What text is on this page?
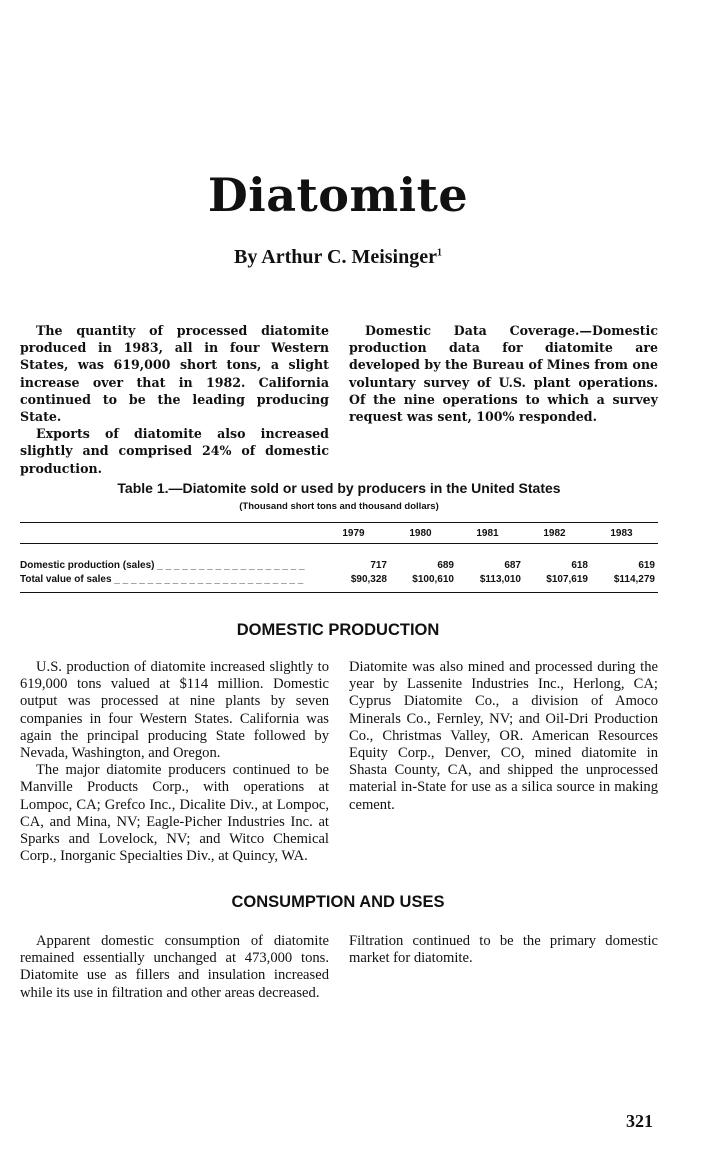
Diatomite
By Arthur C. Meisinger$^1$

The quantity of processed diatomite produced in 1983, all in four Western States, was 619,000 short tons, a slight increase over that in 1982. California continued to be the leading producing State.

Exports of diatomite also increased slightly and comprised 24% of domestic production.

Domestic Data Coverage.—Domestic production data for diatomite are developed by the Bureau of Mines from one voluntary survey of U.S. plant operations. Of the nine operations to which a survey request was sent, 100% responded.

Table 1.—Diatomite sold or used by producers in the United States
(Thousand short tons and thousand dollars)
1979	1980	1981	1982	1983
Domestic production (sales) _ _ _ _ _ _ _ _ _ _ _ _ _ _ _ _ _ _	717	689	687	618	619
Total value of sales _ _ _ _ _ _ _ _ _ _ _ _ _ _ _ _ _ _ _ _ _ _ _	$90,328	$100,610	$113,010	$107,619	$114,279
DOMESTIC PRODUCTION

U.S. production of diatomite increased slightly to 619,000 tons valued at $114 million. Domestic output was processed at nine plants by seven companies in four Western States. California was again the principal producing State followed by Nevada, Washington, and Oregon.

The major diatomite producers continued to be Manville Products Corp., with operations at Lompoc, CA; Grefco Inc., Dicalite Div., at Lompoc, CA, and Mina, NV; Eagle-Picher Industries Inc. at Sparks and Lovelock, NV; and Witco Chemical Corp., Inorganic Specialties Div., at Quincy, WA.

Diatomite was also mined and processed during the year by Lassenite Industries Inc., Herlong, CA; Cyprus Diatomite Co., a division of Amoco Minerals Co., Fernley, NV; and Oil-Dri Production Co., Christmas Valley, OR. American Resources Equity Corp., Denver, CO, mined diatomite in Shasta County, CA, and shipped the unprocessed material in-State for use as a silica source in making cement.

CONSUMPTION AND USES

Apparent domestic consumption of diatomite remained essentially unchanged at 473,000 tons. Diatomite use as fillers and insulation increased while its use in filtration and other areas decreased.

Filtration continued to be the primary domestic market for diatomite.

321
